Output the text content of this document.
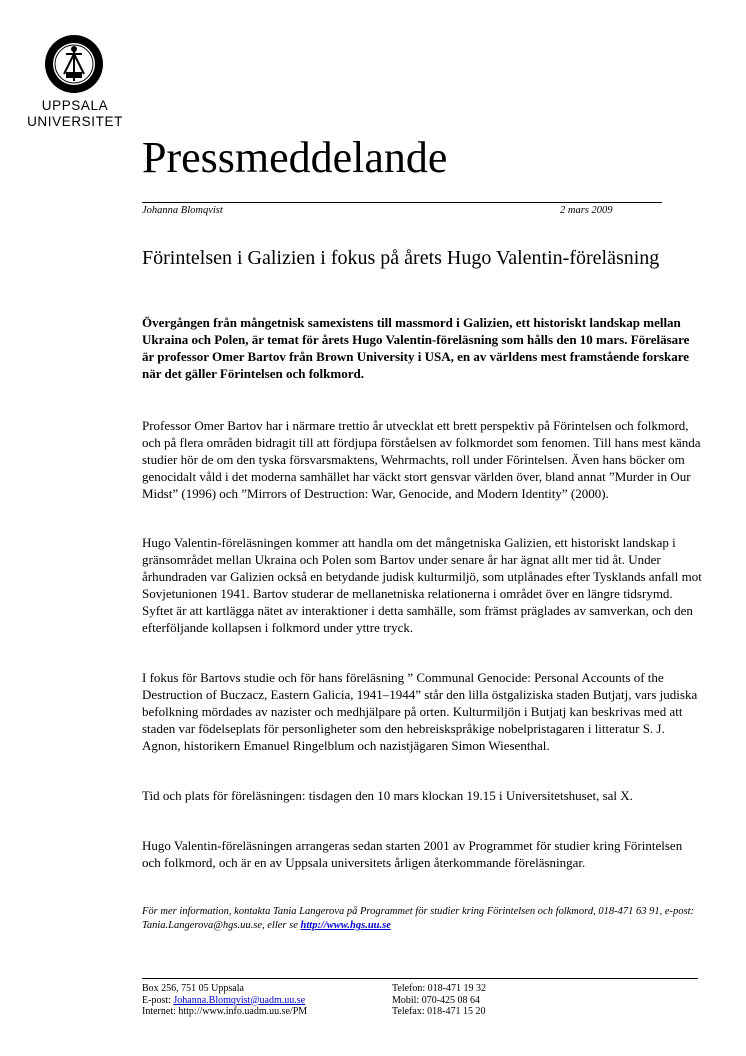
UPPSALA
UNIVERSITET
Pressmeddelande
Johanna Blomqvist	2 mars 2009
Förintelsen i Galizien i fokus på årets Hugo Valentin-föreläsning
Övergången från mångetnisk samexistens till massmord i Galizien, ett historiskt landskap mellan Ukraina och Polen, är temat för årets Hugo Valentin-föreläsning som hålls den 10 mars. Föreläsare är professor Omer Bartov från Brown University i USA, en av världens mest framstående forskare när det gäller Förintelsen och folkmord.
Professor Omer Bartov har i närmare trettio år utvecklat ett brett perspektiv på Förintelsen och folkmord, och på flera områden bidragit till att fördjupa förståelsen av folkmordet som fenomen. Till hans mest kända studier hör de om den tyska försvarsmaktens, Wehrmachts, roll under Förintelsen. Även hans böcker om genocidalt våld i det moderna samhället har väckt stort gensvar världen över, bland annat ”Murder in Our Midst” (1996) och ”Mirrors of Destruction: War, Genocide, and Modern Identity” (2000).
Hugo Valentin-föreläsningen kommer att handla om det mångetniska Galizien, ett historiskt landskap i gränsområdet mellan Ukraina och Polen som Bartov under senare år har ägnat allt mer tid åt. Under århundraden var Galizien också en betydande judisk kulturmiljö, som utplånades efter Tysklands anfall mot Sovjetunionen 1941. Bartov studerar de mellanetniska relationerna i området över en längre tidsrymd. Syftet är att kartlägga nätet av interaktioner i detta samhälle, som främst präglades av samverkan, och den efterföljande kollapsen i folkmord under yttre tryck.
I fokus för Bartovs studie och för hans föreläsning ” Communal Genocide: Personal Accounts of the Destruction of Buczacz, Eastern Galicia, 1941–1944” står den lilla östgaliziska staden Butjatj, vars judiska befolkning mördades av nazister och medhjälpare på orten. Kulturmiljön i Butjatj kan beskrivas med att staden var födelseplats för personligheter som den hebreiskspråkige nobelpristagaren i litteratur S. J. Agnon, historikern Emanuel Ringelblum och nazistjägaren Simon Wiesenthal.
Tid och plats för föreläsningen: tisdagen den 10 mars klockan 19.15 i Universitetshuset, sal X.
Hugo Valentin-föreläsningen arrangeras sedan starten 2001 av Programmet för studier kring Förintelsen och folkmord, och är en av Uppsala universitets årligen återkommande föreläsningar.
För mer information, kontakta Tania Langerova på Programmet för studier kring Förintelsen och folkmord, 018-471 63 91, e-post: Tania.Langerova@hgs.uu.se, eller se http://www.hgs.uu.se
Box 256, 751 05 Uppsala
E-post: Johanna.Blomqvist@uadm.uu.se
Internet: http://www.info.uadm.uu.se/PM
Telefon: 018-471 19 32
Mobil: 070-425 08 64
Telefax: 018-471 15 20
